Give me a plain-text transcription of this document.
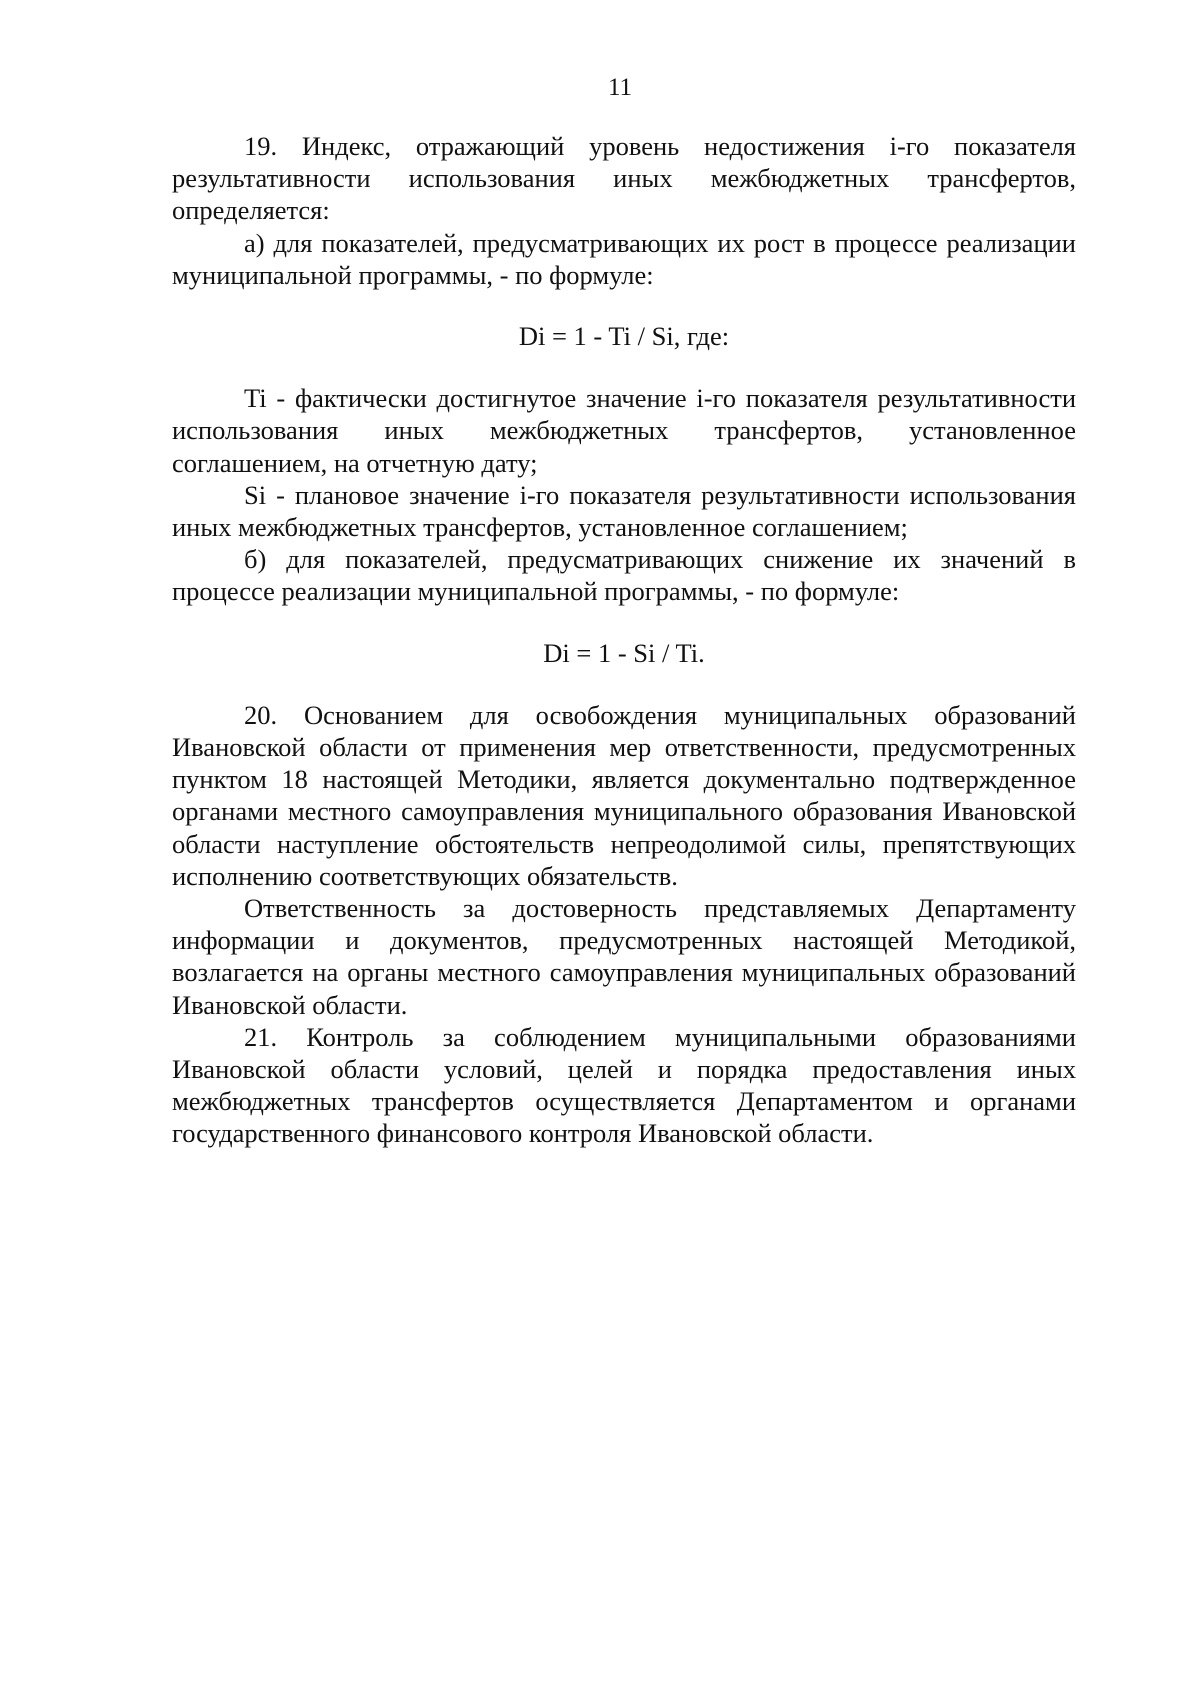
11

19. Индекс, отражающий уровень недостижения i-го показателя результативности использования иных межбюджетных трансфертов, определяется:

а) для показателей, предусматривающих их рост в процессе реализации муниципальной программы, - по формуле:

Di = 1 - Ti / Si, где:

Ti - фактически достигнутое значение i-го показателя результативности использования иных межбюджетных трансфертов, установленное соглашением, на отчетную дату;

Si - плановое значение i-го показателя результативности использования иных межбюджетных трансфертов, установленное соглашением;

б) для показателей, предусматривающих снижение их значений в процессе реализации муниципальной программы, - по формуле:

Di = 1 - Si / Ti.

20. Основанием для освобождения муниципальных образований Ивановской области от применения мер ответственности, предусмотренных пунктом 18 настоящей Методики, является документально подтвержденное органами местного самоуправления муниципального образования Ивановской области наступление обстоятельств непреодолимой силы, препятствующих исполнению соответствующих обязательств.

Ответственность за достоверность представляемых Департаменту информации и документов, предусмотренных настоящей Методикой, возлагается на органы местного самоуправления муниципальных образований Ивановской области.

21. Контроль за соблюдением муниципальными образованиями Ивановской области условий, целей и порядка предоставления иных межбюджетных трансфертов осуществляется Департаментом и органами государственного финансового контроля Ивановской области.
